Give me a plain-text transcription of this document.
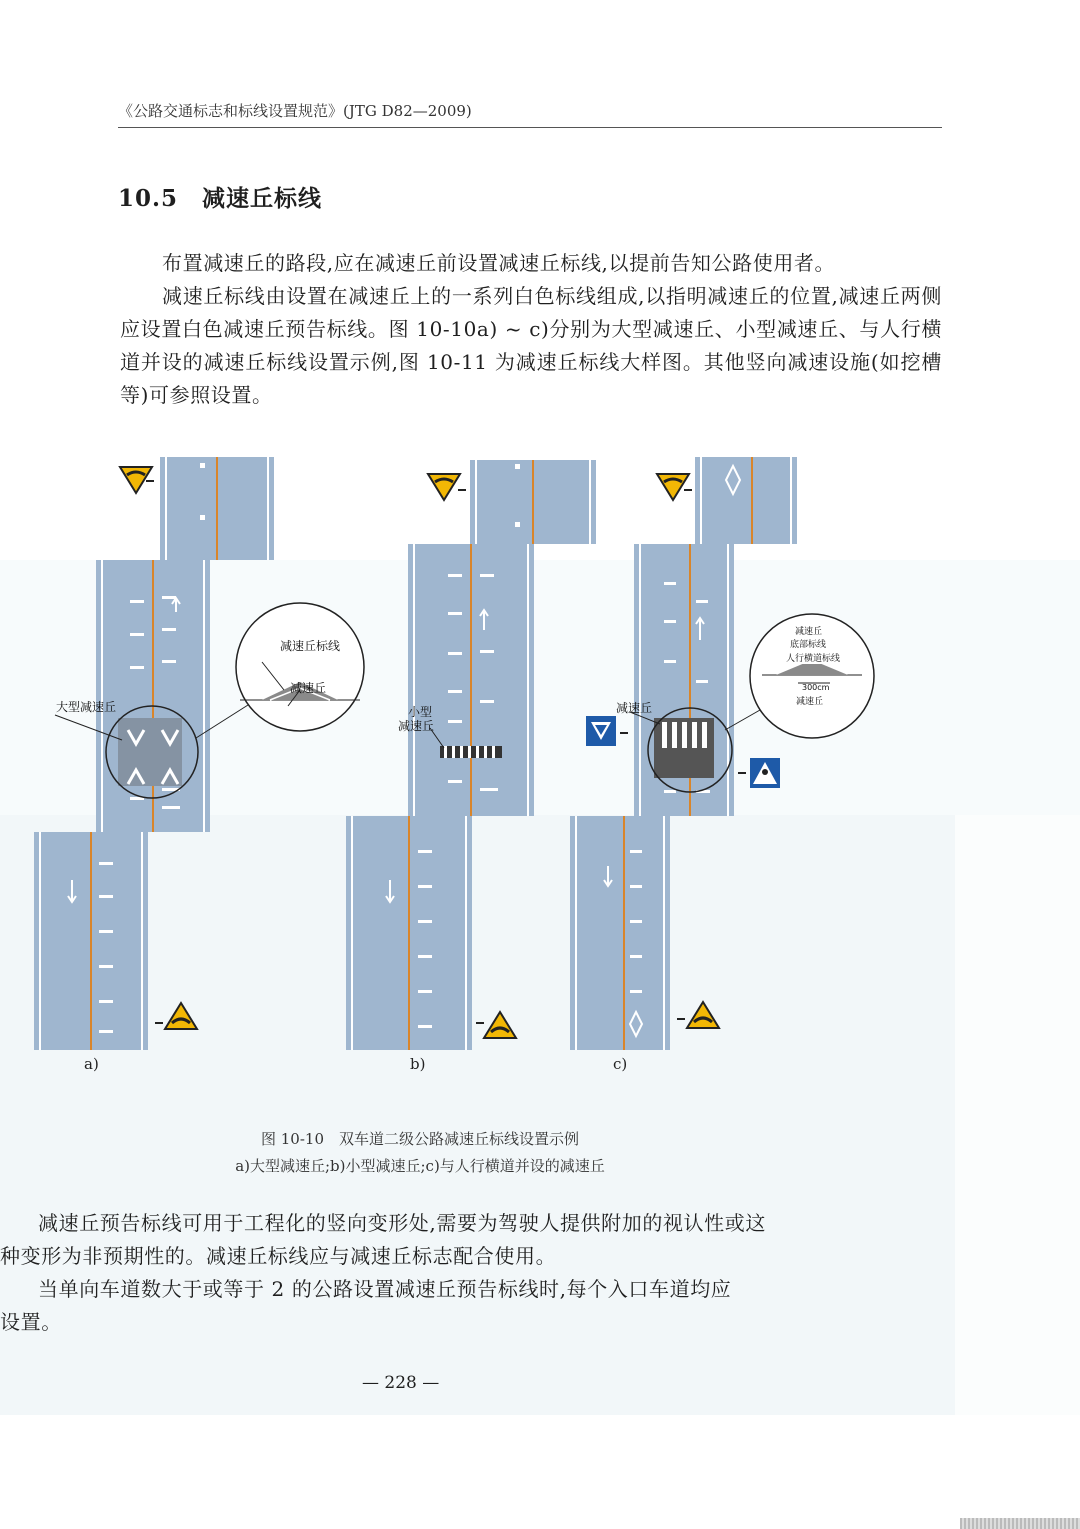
《公路交通标志和标线设置规范》(JTG D82—2009)
10.5 减速丘标线
布置减速丘的路段,应在减速丘前设置减速丘标线,以提前告知公路使用者。
减速丘标线由设置在减速丘上的一系列白色标线组成,以指明减速丘的位置,减速丘两侧应设置白色减速丘预告标线。图 10-10a) ~ c)分别为大型减速丘、小型减速丘、与人行横道并设的减速丘标线设置示例,图 10-11 为减速丘标线大样图。其他竖向减速设施(如挖槽等)可参照设置。
减速丘标线
减速丘
大型减速丘	小型
减速丘
减速丘
减速丘
底部标线
人行横道标线
300cm
减速丘
a)	b)	c)
图 10-10　双车道二级公路减速丘标线设置示例
a)大型减速丘;b)小型减速丘;c)与人行横道并设的减速丘
减速丘预告标线可用于工程化的竖向变形处,需要为驾驶人提供附加的视认性或这
种变形为非预期性的。减速丘标线应与减速丘标志配合使用。
当单向车道数大于或等于 2 的公路设置减速丘预告标线时,每个入口车道均应
设置。
— 228 —
